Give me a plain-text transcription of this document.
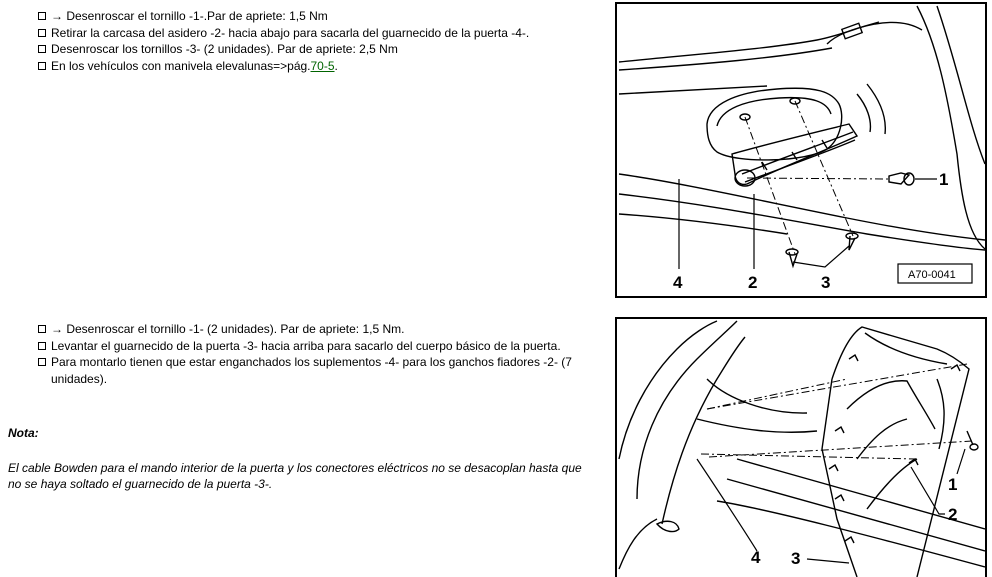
→ Desenroscar el tornillo -1-.Par de apriete: 1,5 Nm
Retirar la carcasa del asidero -2- hacia abajo para sacarla del guarnecido de la puerta -4-.
Desenroscar los tornillos -3- (2 unidades). Par de apriete: 2,5 Nm
En los vehículos con manivela elevalunas=>pág.70-5.
1
2	3
4	A70-0041
→ Desenroscar el tornillo -1- (2 unidades). Par de apriete: 1,5 Nm.
Levantar el guarnecido de la puerta -3- hacia arriba para sacarlo del cuerpo básico de la puerta.
Para montarlo tienen que estar enganchados los suplementos -4- para los ganchos fiadores -2- (7 unidades).
Nota:
El cable Bowden para el mando interior de la puerta y los conectores eléctricos no se desacoplan hasta que no se haya soltado el guarnecido de la puerta -3-.	1
2
3
4
